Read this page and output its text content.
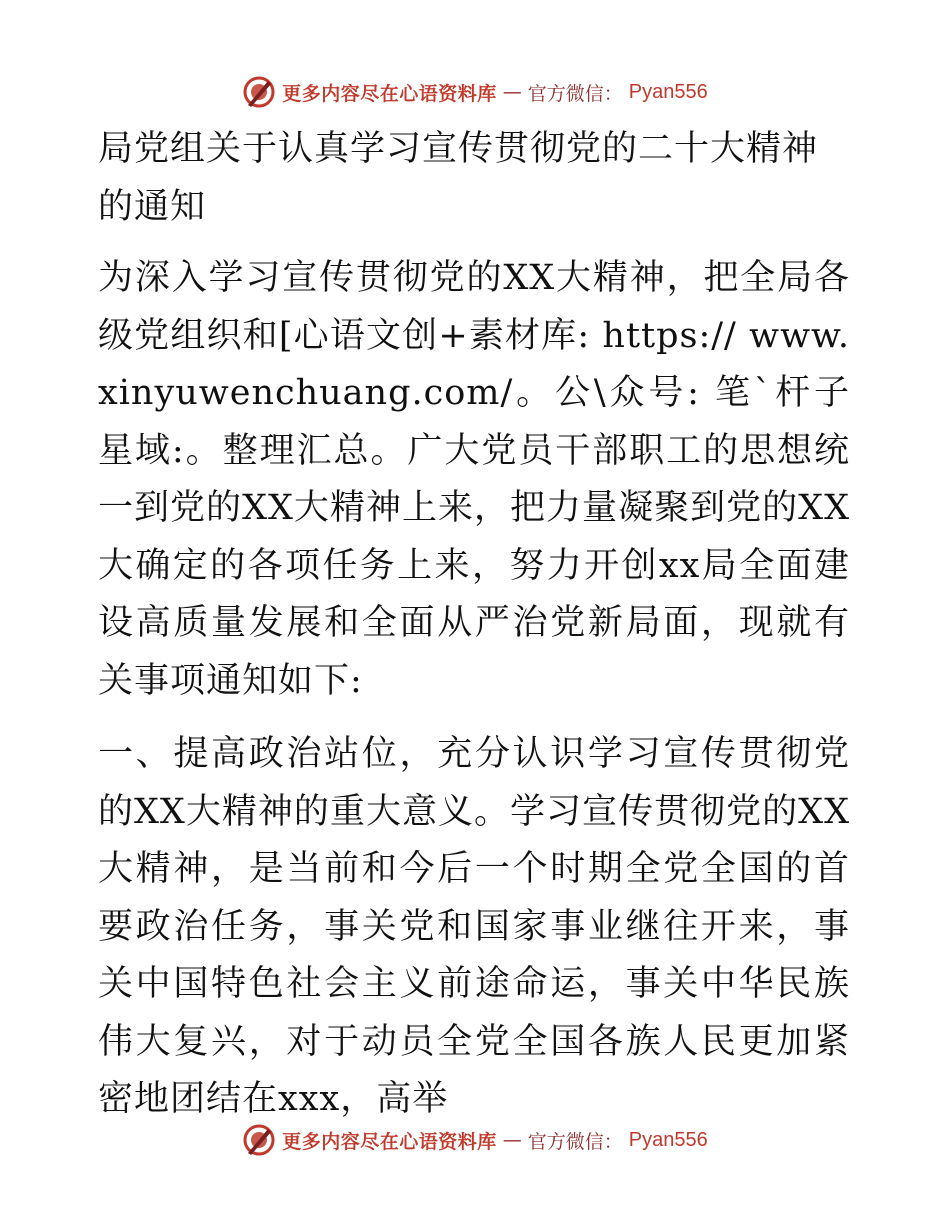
更多内容尽在心语资料库 — 官方微信： Pyan556
局党组关于认真学习宣传贯彻党的二十大精神的通知

为深入学习宣传贯彻党的XX大精神，把全局各级党组织和[心语文创+素材库: https:// www.xinyuwenchuang.com/。公\众号: 笔`杆子星域:。整理汇总。广大党员干部职工的思想统一到党的XX大精神上来，把力量凝聚到党的XX大确定的各项任务上来，努力开创xx局全面建设高质量发展和全面从严治党新局面，现就有关事项通知如下:

一、提高政治站位，充分认识学习宣传贯彻党的XX大精神的重大意义。学习宣传贯彻党的XX大精神，是当前和今后一个时期全党全国的首要政治任务，事关党和国家事业继往开来，事关中国特色社会主义前途命运，事关中华民族伟大复兴，对于动员全党全国各族人民更加紧密地团结在xxx，高举

更多内容尽在心语资料库 — 官方微信： Pyan556
